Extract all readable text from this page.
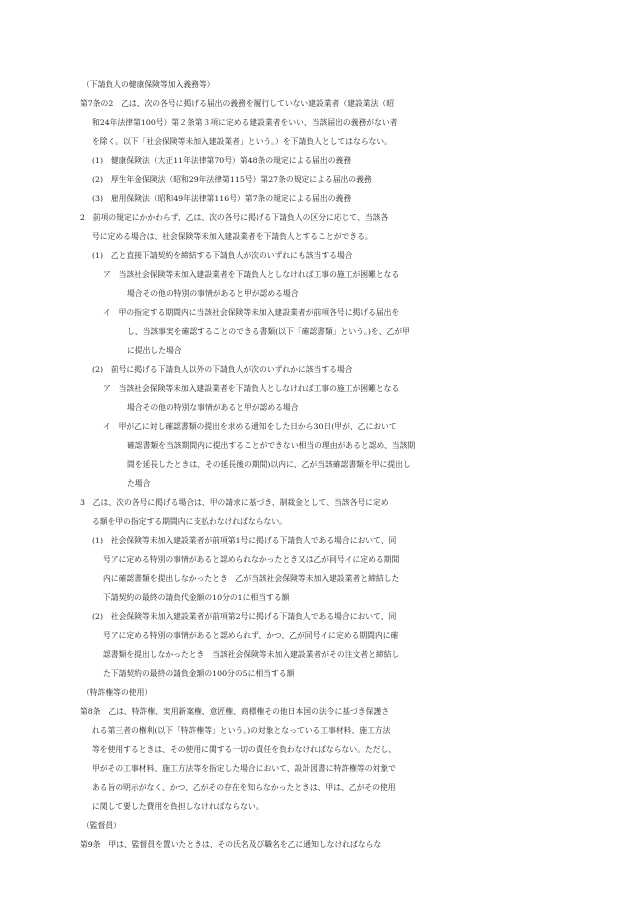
（下請負人の健康保険等加入義務等）
第7条の2　乙は、次の各号に掲げる届出の義務を履行していない建設業者（建設業法（昭
和24年法律第100号）第２条第３項に定める建設業者をいい、当該届出の義務がない者
を除く。以下「社会保険等未加入建設業者」という。）を下請負人としてはならない。
(1)　健康保険法（大正11年法律第70号）第48条の規定による届出の義務
(2)　厚生年金保険法（昭和29年法律第115号）第27条の規定による届出の義務
(3)　雇用保険法（昭和49年法律第116号）第7条の規定による届出の義務
2　前項の規定にかかわらず、乙は、次の各号に掲げる下請負人の区分に応じて、当該各
号に定める場合は、社会保険等未加入建設業者を下請負人とすることができる。
(1)　乙と直接下請契約を締結する下請負人が次のいずれにも該当する場合
ア　当該社会保険等未加入建設業者を下請負人としなければ工事の施工が困難となる
場合その他の特別の事情があると甲が認める場合
イ　甲の指定する期間内に当該社会保険等未加入建設業者が前項各号に掲げる届出を
し、当該事実を確認することのできる書類(以下「確認書類」という。)を、乙が甲
に提出した場合
(2)　前号に掲げる下請負人以外の下請負人が次のいずれかに該当する場合
ア　当該社会保険等未加入建設業者を下請負人としなければ工事の施工が困難となる
場合その他の特別な事情があると甲が認める場合
イ　甲が乙に対し確認書類の提出を求める通知をした日から30日(甲が、乙において
確認書類を当該期間内に提出することができない相当の理由があると認め、当該期
間を延長したときは、その延長後の期間)以内に、乙が当該確認書類を甲に提出し
た場合
3　乙は、次の各号に掲げる場合は、甲の請求に基づき、制裁金として、当該各号に定め
る額を甲の指定する期間内に支払わなければならない。
(1)　社会保険等未加入建設業者が前項第1号に掲げる下請負人である場合において、同
号アに定める特別の事情があると認められなかったとき又は乙が同号イに定める期間
内に確認書類を提出しなかったとき　乙が当該社会保険等未加入建設業者と締結した
下請契約の最終の請負代金額の10分の1に相当する額
(2)　社会保険等未加入建設業者が前項第2号に掲げる下請負人である場合において、同
号アに定める特別の事情があると認められず、かつ、乙が同号イに定める期間内に確
認書類を提出しなかったとき　当該社会保険等未加入建設業者がその注文者と締結し
た下請契約の最終の請負金額の100分の5に相当する額
（特許権等の使用）
第8条　乙は、特許権、実用新案権、意匠権、商標権その他日本国の法令に基づき保護さ
れる第三者の権利(以下「特許権等」という。)の対象となっている工事材料、施工方法
等を使用するときは、その使用に関する一切の責任を負わなければならない。ただし、
甲がその工事材料、施工方法等を指定した場合において、設計図書に特許権等の対象で
ある旨の明示がなく、かつ、乙がその存在を知らなかったときは、甲は、乙がその使用
に関して要した費用を負担しなければならない。
（監督員）
第9条　甲は、監督員を置いたときは、その氏名及び職名を乙に通知しなければならな
